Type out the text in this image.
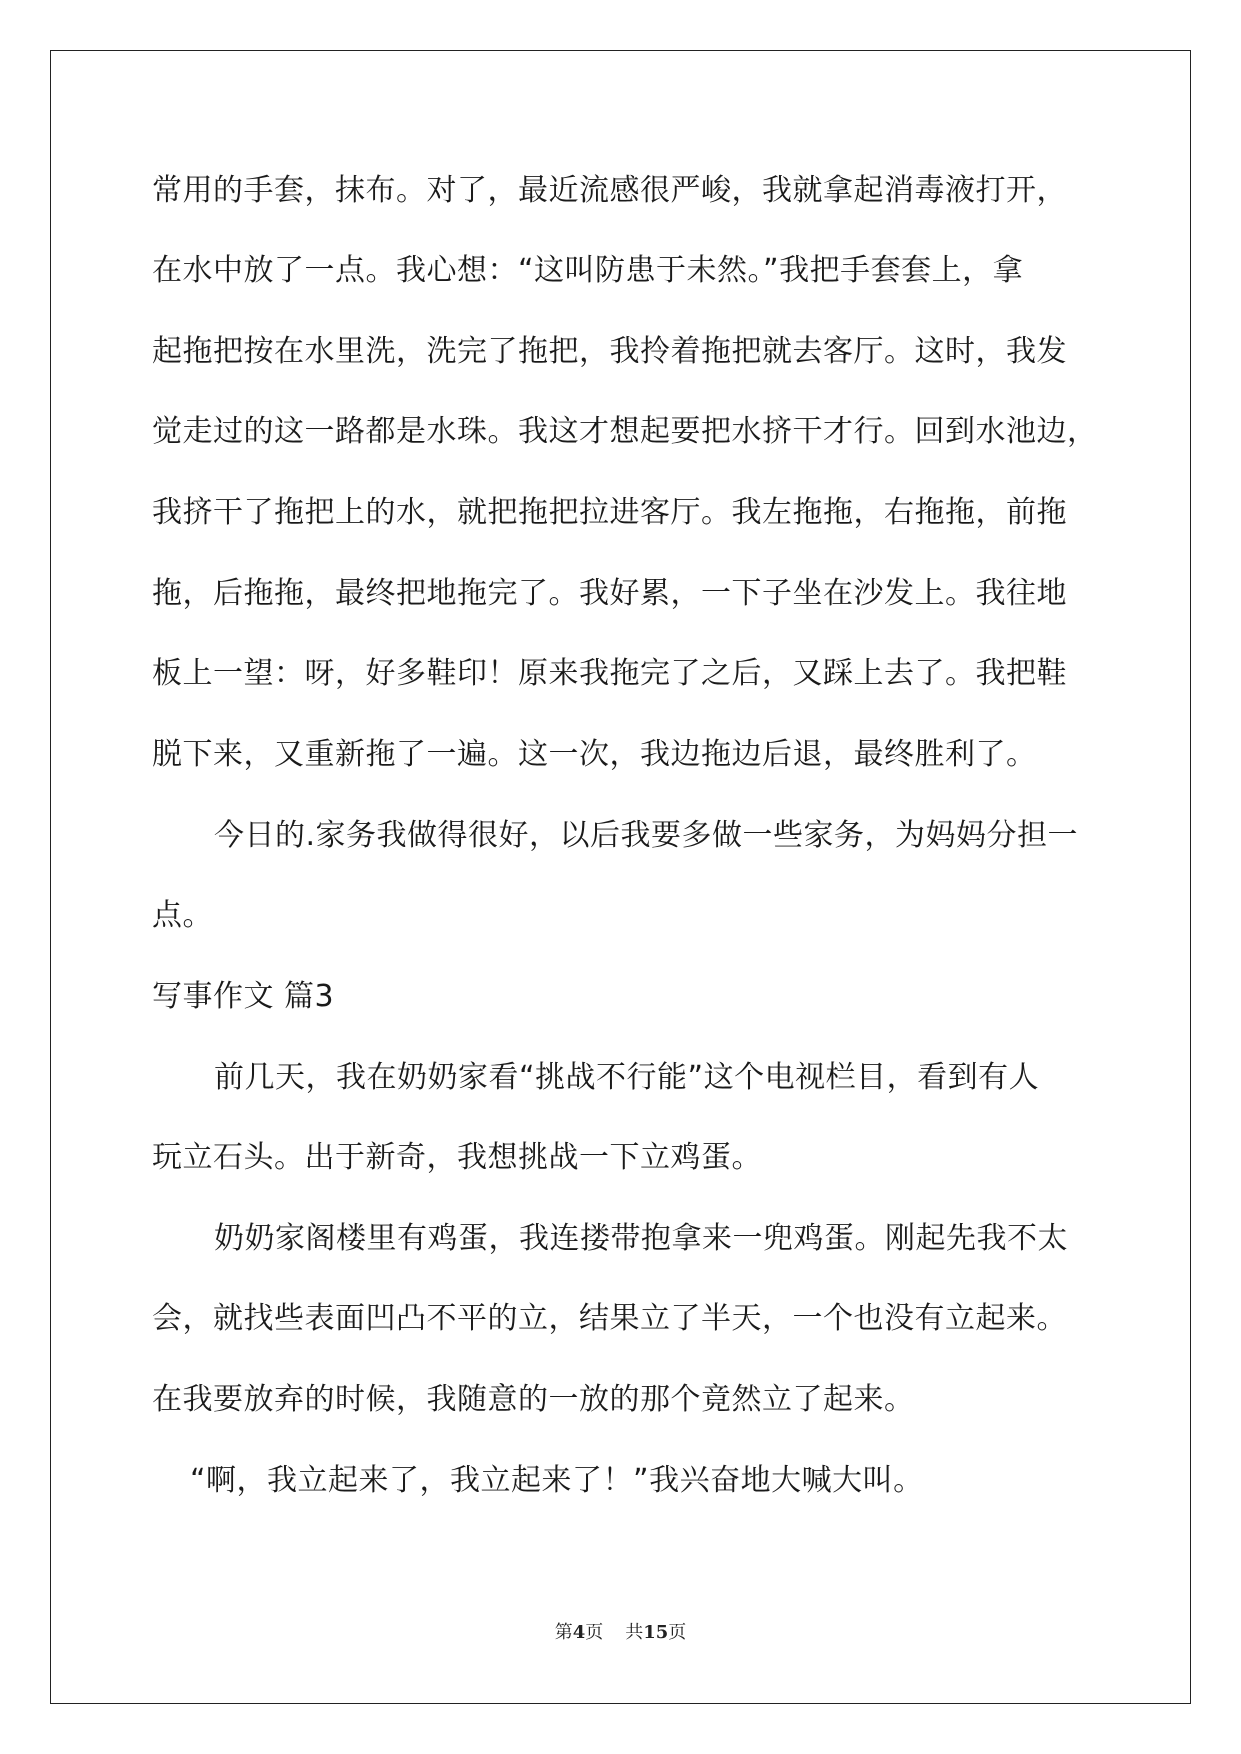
常用的手套，抹布。对了，最近流感很严峻，我就拿起消毒液打开，
在水中放了一点。我心想：“这叫防患于未然。”我把手套套上，拿
起拖把按在水里洗，洗完了拖把，我拎着拖把就去客厅。这时，我发
觉走过的这一路都是水珠。我这才想起要把水挤干才行。回到水池边，
我挤干了拖把上的水，就把拖把拉进客厅。我左拖拖，右拖拖，前拖
拖，后拖拖，最终把地拖完了。我好累，一下子坐在沙发上。我往地
板上一望：呀，好多鞋印！原来我拖完了之后，又踩上去了。我把鞋
脱下来，又重新拖了一遍。这一次，我边拖边后退，最终胜利了。
今日的.家务我做得很好，以后我要多做一些家务，为妈妈分担一
点。
写事作文 篇3
前几天，我在奶奶家看“挑战不行能”这个电视栏目，看到有人
玩立石头。出于新奇，我想挑战一下立鸡蛋。
奶奶家阁楼里有鸡蛋，我连搂带抱拿来一兜鸡蛋。刚起先我不太
会，就找些表面凹凸不平的立，结果立了半天，一个也没有立起来。
在我要放弃的时候，我随意的一放的那个竟然立了起来。
“啊，我立起来了，我立起来了！”我兴奋地大喊大叫。
第4页 共15页
